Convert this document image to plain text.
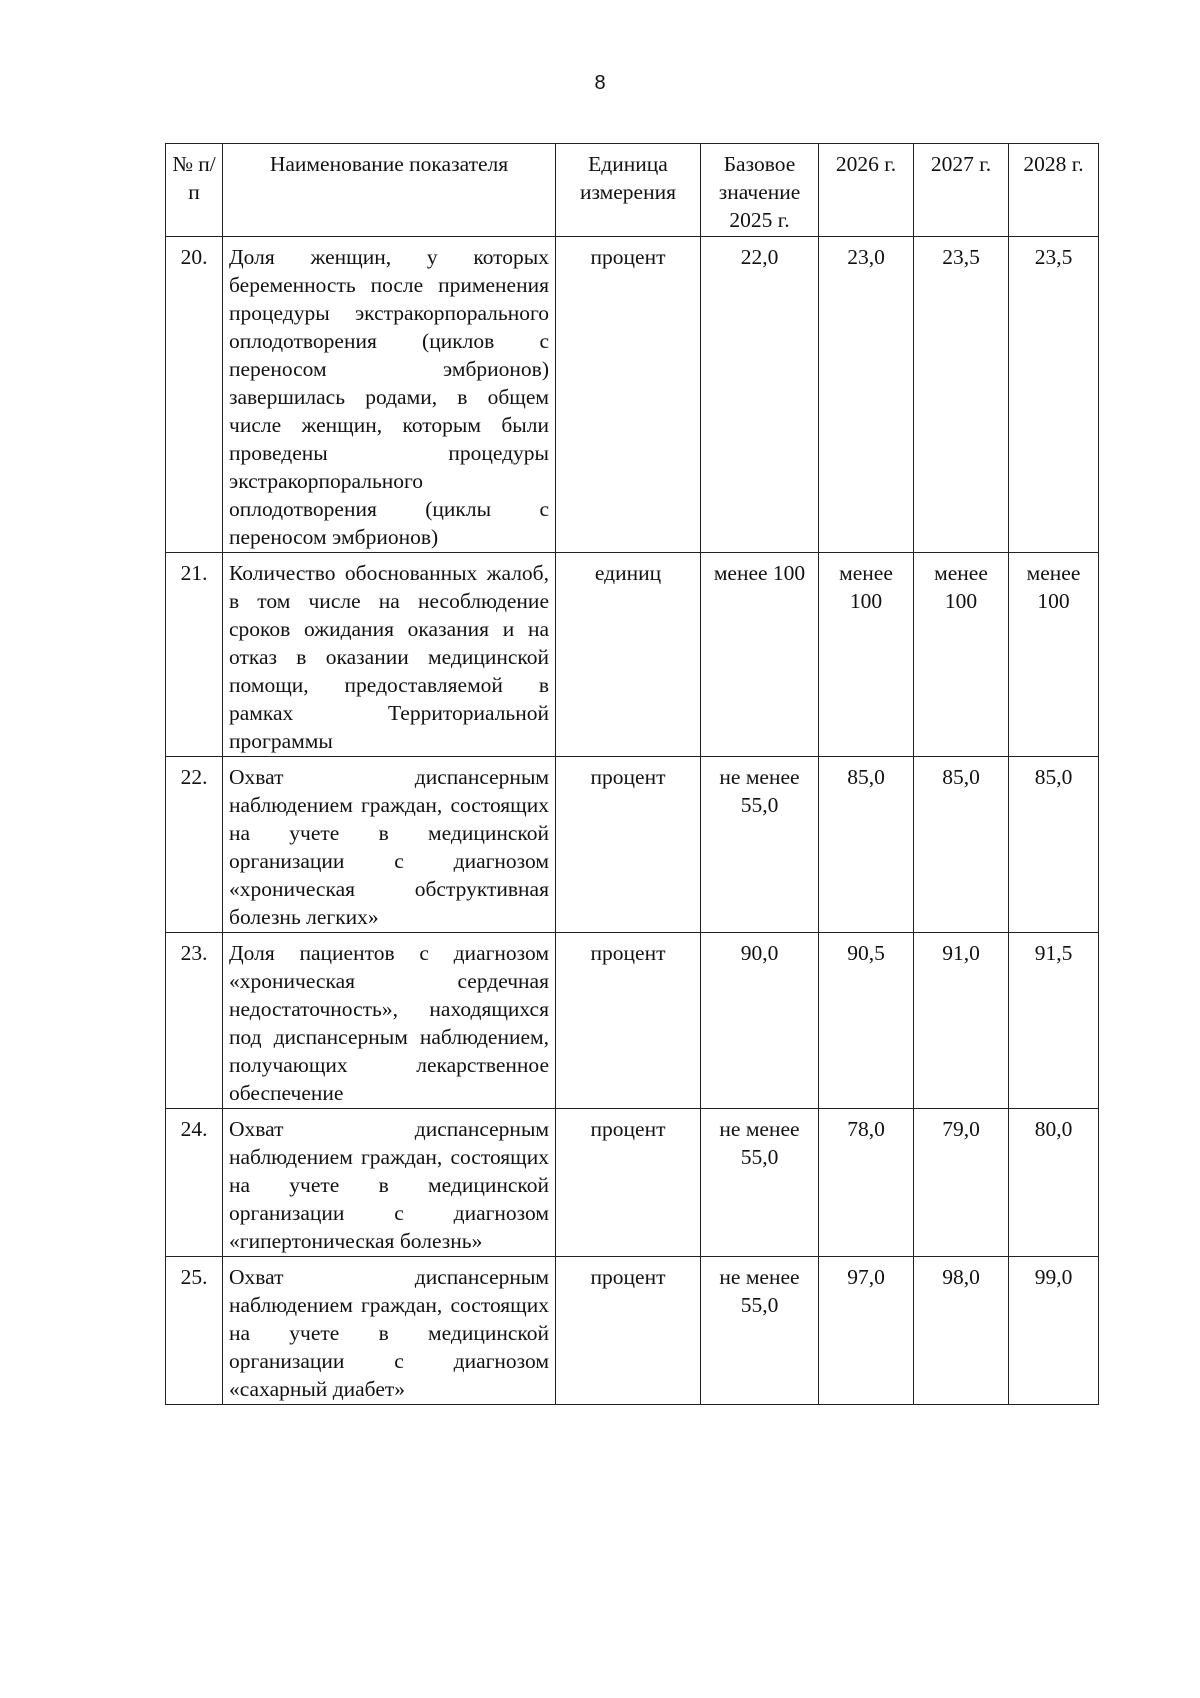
8
№ п/п	Наименование показателя	Единица измерения	Базовое значение 2025 г.	2026 г.	2027 г.	2028 г.
20.	Доля женщин, у которых беременность после применения процедуры экстракорпорального оплодотворения (циклов с переносом эмбрионов) завершилась родами, в общем числе женщин, которым были проведены процедуры экстракорпорального оплодотворения (циклы с переносом эмбрионов)	процент	22,0	23,0	23,5	23,5
21.	Количество обоснованных жалоб, в том числе на несоблюдение сроков ожидания оказания и на отказ в оказании медицинской помощи, предоставляемой в рамках Территориальной программы	единиц	менее 100	менее 100	менее 100	менее 100
22.	Охват диспансерным наблюдением граждан, состоящих на учете в медицинской организации с диагнозом «хроническая обструктивная болезнь легких»	процент	не менее 55,0	85,0	85,0	85,0
23.	Доля пациентов с диагнозом «хроническая сердечная недостаточность», находящихся под диспансерным наблюдением, получающих лекарственное обеспечение	процент	90,0	90,5	91,0	91,5
24.	Охват диспансерным наблюдением граждан, состоящих на учете в медицинской организации с диагнозом «гипертоническая болезнь»	процент	не менее 55,0	78,0	79,0	80,0
25.	Охват диспансерным наблюдением граждан, состоящих на учете в медицинской организации с диагнозом «сахарный диабет»	процент	не менее 55,0	97,0	98,0	99,0
